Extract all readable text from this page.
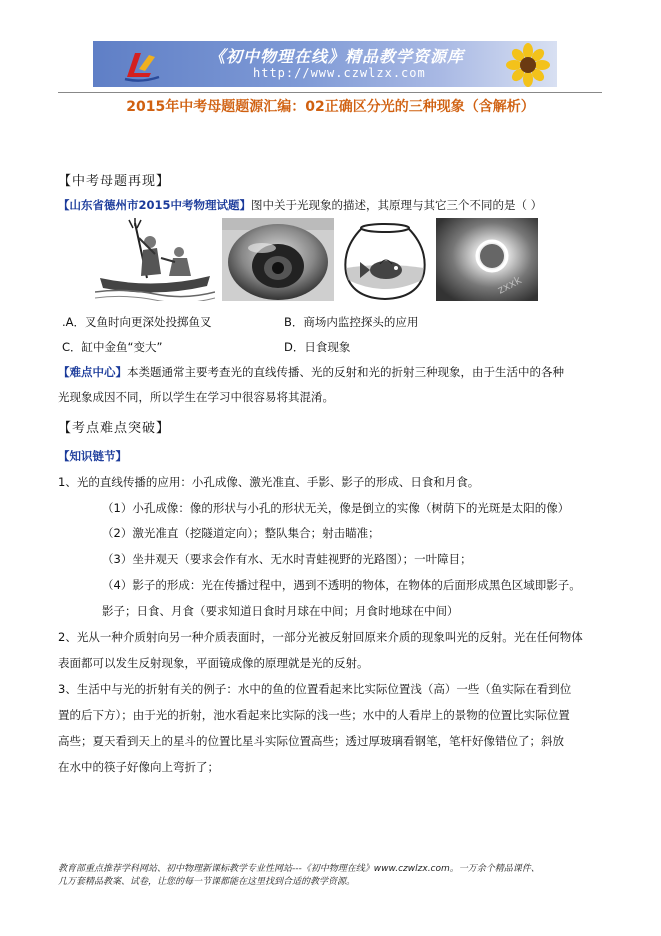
《初中物理在线》精品教学资源库
http://www.czwlzx.com
2015年中考母题题源汇编：02正确区分光的三种现象（含解析）
【中考母题再现】
【山东省德州市2015中考物理试题】图中关于光现象的描述，其原理与其它三个不同的是（ ）
zxxk
.A．叉鱼时向更深处投掷鱼叉	B．商场内监控探头的应用
C．缸中金鱼“变大”	D．日食现象
【难点中心】本类题通常主要考查光的直线传播、光的反射和光的折射三种现象，由于生活中的各种
光现象成因不同，所以学生在学习中很容易将其混淆。
【考点难点突破】
【知识链节】
1、光的直线传播的应用：小孔成像、激光准直、手影、影子的形成、日食和月食。
（1）小孔成像：像的形状与小孔的形状无关，像是倒立的实像（树荫下的光斑是太阳的像）
（2）激光准直（挖隧道定向）；整队集合；射击瞄准；
（3）坐井观天（要求会作有水、无水时青蛙视野的光路图）；一叶障目；
（4）影子的形成：光在传播过程中，遇到不透明的物体，在物体的后面形成黑色区域即影子。
影子；日食、月食（要求知道日食时月球在中间；月食时地球在中间）
2、光从一种介质射向另一种介质表面时，一部分光被反射回原来介质的现象叫光的反射。光在任何物体
表面都可以发生反射现象，平面镜成像的原理就是光的反射。
3、生活中与光的折射有关的例子：水中的鱼的位置看起来比实际位置浅（高）一些（鱼实际在看到位
置的后下方）；由于光的折射，池水看起来比实际的浅一些；水中的人看岸上的景物的位置比实际位置
高些；夏天看到天上的星斗的位置比星斗实际位置高些；透过厚玻璃看钢笔，笔杆好像错位了；斜放
在水中的筷子好像向上弯折了；
教育部重点推荐学科网站、初中物理新课标教学专业性网站---《初中物理在线》www.czwlzx.com。一万余个精品课件、
几万套精品教案、试卷，让您的每一节课都能在这里找到合适的教学资源。
